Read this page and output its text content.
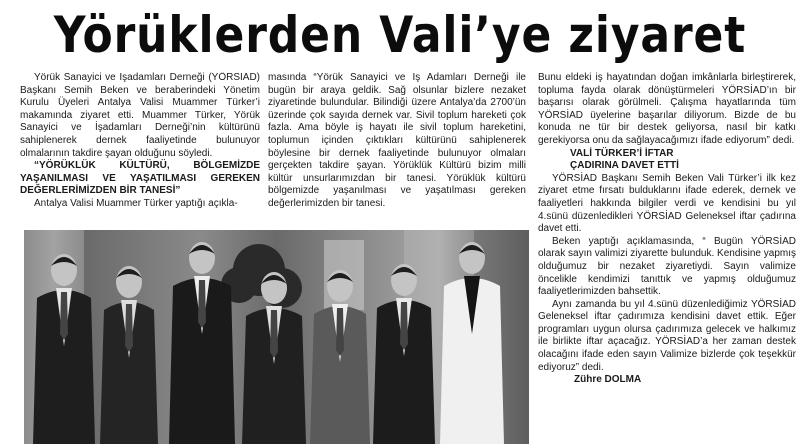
Yörüklerden Vali’ye ziyaret

Yörük Sanayici ve İşadamları Derneği (YÖRSİAD) Başkanı Semih Beken ve beraberindeki Yönetim Kurulu Üyeleri Antalya Valisi Muammer Türker’i makamında ziyaret etti. Muammer Türker, Yörük Sanayici ve İşadamları Derneği’nin kültürünü sahiplenerek dernek faaliyetinde bulunuyor olmalarının takdire şayan olduğunu söyledi.

“YÖRÜKLÜK KÜLTÜRÜ, BÖLGEMİZDE YAŞANILMASI VE YAŞATILMASI GEREKEN DEĞERLERİMİZDEN BİR TANESİ”

Antalya Valisi Muammer Türker yaptığı açıkla-

masında “Yörük Sanayici ve İş Adamları Derneği ile bugün bir araya geldik. Sağ olsunlar bizlere nezaket ziyaretinde bulundular. Bilindiği üzere Antalya’da 2700’ün üzerinde çok sayıda dernek var. Sivil toplum hareketi çok fazla. Ama böyle iş hayatı ile sivil toplum hareketini, toplumun içinden çıktıkları kültürünü sahiplenerek böylesine bir dernek faaliyetinde bulunuyor olmaları gerçekten takdire şayan. Yörüklük Kültürü bizim milli kültür unsurlarımızdan bir tanesi. Yörüklük kültürü bölgemizde yaşanılması ve yaşatılması gereken değerlerimizden bir tanesi.

Bunu eldeki iş hayatından doğan imkânlarla birleştirerek, topluma fayda olarak dönüştürmeleri YÖRSİAD’ın bir başarısı olarak görülmeli. Çalışma hayatlarında tüm YÖRSİAD üyelerine başarılar diliyorum. Bizde de bu konuda ne tür bir destek geliyorsa, nasıl bir katkı gerekiyorsa onu da sağlayacağımızı ifade ediyorum” dedi.

VALİ TÜRKER’İ İFTAR

ÇADIRINA DAVET ETTİ

YÖRSİAD Başkanı Semih Beken Vali Türker’i ilk kez ziyaret etme fırsatı bulduklarını ifade ederek, dernek ve faaliyetleri hakkında bilgiler verdi ve kendisini bu yıl 4.sünü düzenledikleri YÖRSİAD Geleneksel iftar çadırına davet etti.

Beken yaptığı açıklamasında, “ Bugün YÖRSİAD olarak sayın valimizi ziyarette bulunduk. Kendisine yapmış olduğumuz bir nezaket ziyaretiydi. Sayın valimize öncelikle kendimizi tanıttık ve yapmış olduğumuz faaliyetlerimizden bahsettik.

Aynı zamanda bu yıl 4.sünü düzenlediğimiz YÖRSİAD Geleneksel iftar çadırımıza kendisini davet ettik. Eğer programları uygun olursa çadırımıza gelecek ve halkımız ile birlikte iftar açacağız. YÖRSİAD’a her zaman destek olacağını ifade eden sayın Valimize bizlerde çok teşekkür ediyoruz” dedi.

Zühre DOLMA
